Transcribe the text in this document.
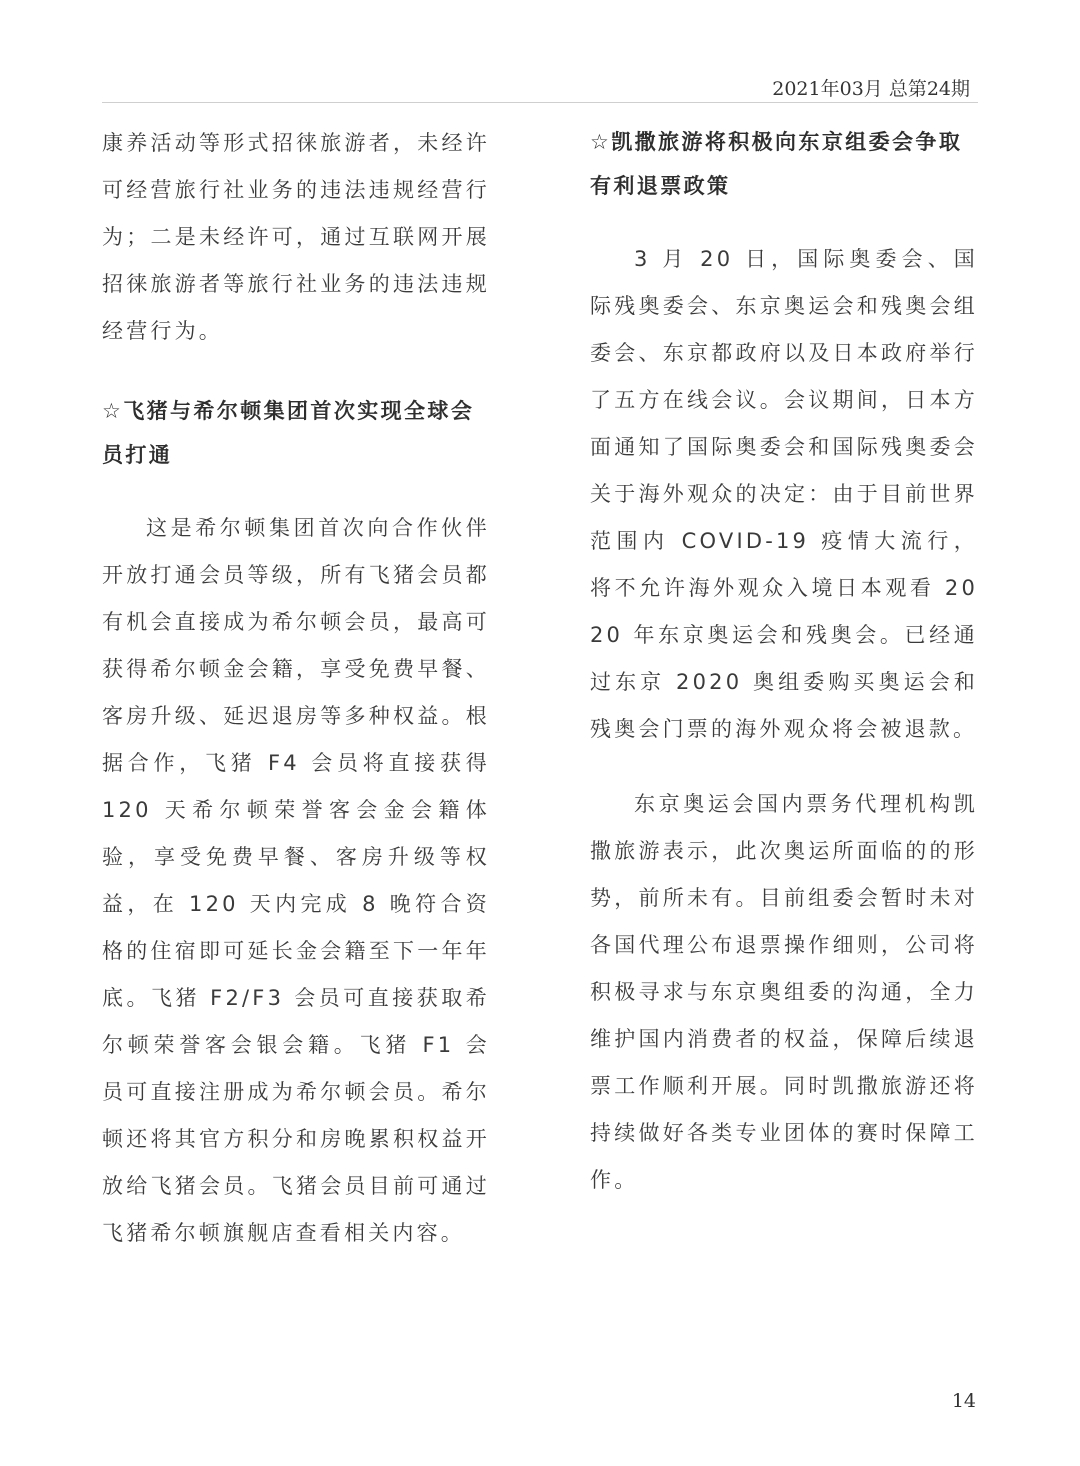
2021年03月 总第24期

康养活动等形式招徕旅游者，未经许可经营旅行社业务的违法违规经营行为；二是未经许可，通过互联网开展招徕旅游者等旅行社业务的违法违规经营行为。

☆飞猪与希尔顿集团首次实现全球会员打通

这是希尔顿集团首次向合作伙伴开放打通会员等级，所有飞猪会员都有机会直接成为希尔顿会员，最高可获得希尔顿金会籍，享受免费早餐、客房升级、延迟退房等多种权益。根据合作，飞猪 F4 会员将直接获得 120 天希尔顿荣誉客会金会籍体验，享受免费早餐、客房升级等权益，在 120 天内完成 8 晚符合资格的住宿即可延长金会籍至下一年年底。飞猪 F2/F3 会员可直接获取希尔顿荣誉客会银会籍。飞猪 F1 会员可直接注册成为希尔顿会员。希尔顿还将其官方积分和房晚累积权益开放给飞猪会员。飞猪会员目前可通过飞猪希尔顿旗舰店查看相关内容。

☆凯撒旅游将积极向东京组委会争取有利退票政策

3 月 20 日，国际奥委会、国际残奥委会、东京奥运会和残奥会组委会、东京都政府以及日本政府举行了五方在线会议。会议期间，日本方面通知了国际奥委会和国际残奥委会关于海外观众的决定：由于目前世界范围内 COVID-19 疫情大流行，将不允许海外观众入境日本观看 2020 年东京奥运会和残奥会。已经通过东京 2020 奥组委购买奥运会和残奥会门票的海外观众将会被退款。

东京奥运会国内票务代理机构凯撒旅游表示，此次奥运所面临的的形势，前所未有。目前组委会暂时未对各国代理公布退票操作细则，公司将积极寻求与东京奥组委的沟通，全力维护国内消费者的权益，保障后续退票工作顺利开展。同时凯撒旅游还将持续做好各类专业团体的赛时保障工作。

14
